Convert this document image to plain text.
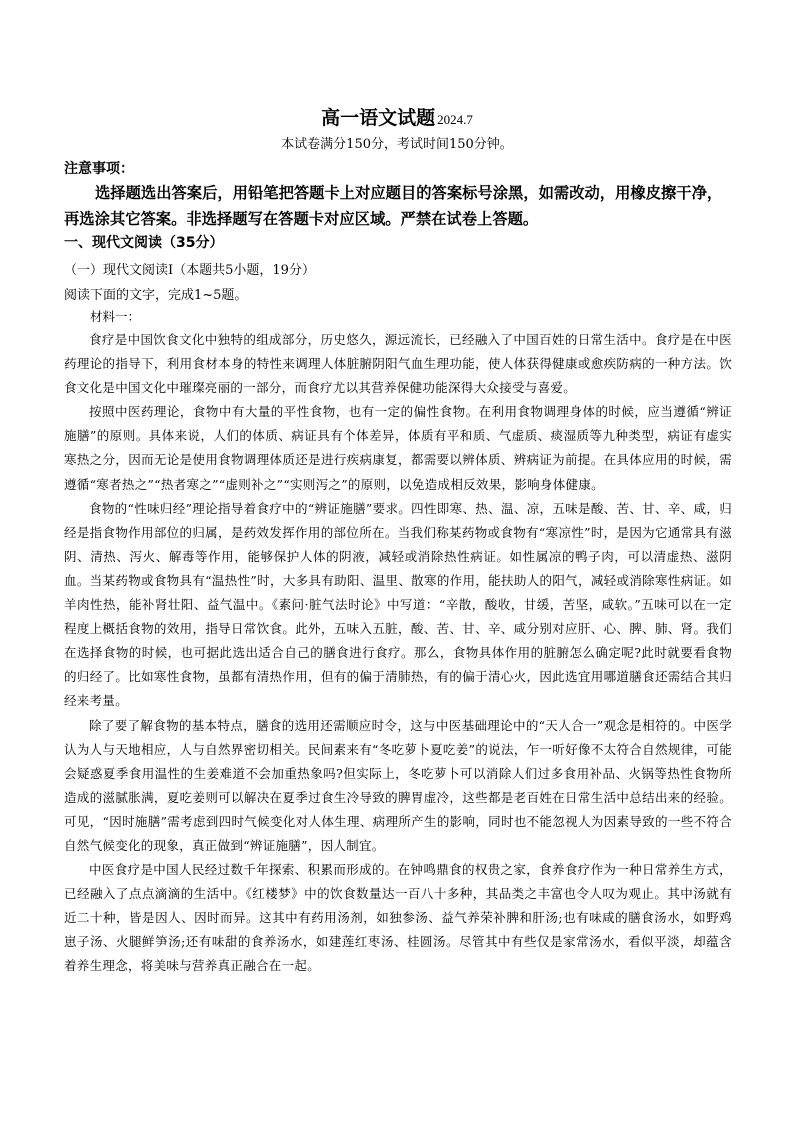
高一语文试题 2024.7
本试卷满分150分，考试时间150分钟。
注意事项：
选择题选出答案后，用铅笔把答题卡上对应题目的答案标号涂黑，如需改动，用橡皮擦干净，再选涂其它答案。非选择题写在答题卡对应区域。严禁在试卷上答题。
一、现代文阅读（35分）
（一）现代文阅读Ⅰ（本题共5小题，19分）
阅读下面的文字，完成1~5题。
材料一：

食疗是中国饮食文化中独特的组成部分，历史悠久，源远流长，已经融入了中国百姓的日常生活中。食疗是在中医药理论的指导下，利用食材本身的特性来调理人体脏腑阴阳气血生理功能，使人体获得健康或愈疾防病的一种方法。饮食文化是中国文化中璀璨亮丽的一部分，而食疗尤以其营养保健功能深得大众接受与喜爱。

按照中医药理论，食物中有大量的平性食物，也有一定的偏性食物。在利用食物调理身体的时候，应当遵循“辨证施膳”的原则。具体来说，人们的体质、病证具有个体差异，体质有平和质、气虚质、痰湿质等九种类型，病证有虚实寒热之分，因而无论是使用食物调理体质还是进行疾病康复，都需要以辨体质、辨病证为前提。在具体应用的时候，需遵循“寒者热之”“热者寒之”“虚则补之”“实则泻之”的原则，以免造成相反效果，影响身体健康。

食物的“性味归经”理论指导着食疗中的“辨证施膳”要求。四性即寒、热、温、凉，五味是酸、苦、甘、辛、咸，归经是指食物作用部位的归属，是药效发挥作用的部位所在。当我们称某药物或食物有“寒凉性”时，是因为它通常具有滋阴、清热、泻火、解毒等作用，能够保护人体的阴液，减轻或消除热性病证。如性属凉的鸭子肉，可以清虚热、滋阴血。当某药物或食物具有“温热性”时，大多具有助阳、温里、散寒的作用，能扶助人的阳气，减轻或消除寒性病证。如羊肉性热，能补肾壮阳、益气温中。《素问·脏气法时论》中写道：“辛散，酸收，甘缓，苦坚，咸软。”五味可以在一定程度上概括食物的效用，指导日常饮食。此外，五味入五脏，酸、苦、甘、辛、咸分别对应肝、心、脾、肺、肾。我们在选择食物的时候，也可据此选出适合自己的膳食进行食疗。那么，食物具体作用的脏腑怎么确定呢?此时就要看食物的归经了。比如寒性食物，虽都有清热作用，但有的偏于清肺热，有的偏于清心火，因此选宜用哪道膳食还需结合其归经来考量。

除了要了解食物的基本特点，膳食的选用还需顺应时令，这与中医基础理论中的“天人合一”观念是相符的。中医学认为人与天地相应，人与自然界密切相关。民间素来有“冬吃萝卜夏吃姜”的说法，乍一听好像不太符合自然规律，可能会疑惑夏季食用温性的生姜难道不会加重热象吗?但实际上，冬吃萝卜可以消除人们过多食用补品、火锅等热性食物所造成的滋腻胀满，夏吃姜则可以解决在夏季过食生冷导致的脾胃虚冷，这些都是老百姓在日常生活中总结出来的经验。可见，“因时施膳”需考虑到四时气候变化对人体生理、病理所产生的影响，同时也不能忽视人为因素导致的一些不符合自然气候变化的现象，真正做到“辨证施膳”，因人制宜。

中医食疗是中国人民经过数千年探索、积累而形成的。在钟鸣鼎食的权贵之家，食养食疗作为一种日常养生方式，已经融入了点点滴滴的生活中。《红楼梦》中的饮食数量达一百八十多种，其品类之丰富也令人叹为观止。其中汤就有近二十种，皆是因人、因时而异。这其中有药用汤剂，如独参汤、益气养荣补脾和肝汤;也有味咸的膳食汤水，如野鸡崽子汤、火腿鲜笋汤;还有味甜的食养汤水，如建莲红枣汤、桂圆汤。尽管其中有些仅是家常汤水，看似平淡，却蕴含着养生理念，将美味与营养真正融合在一起。
